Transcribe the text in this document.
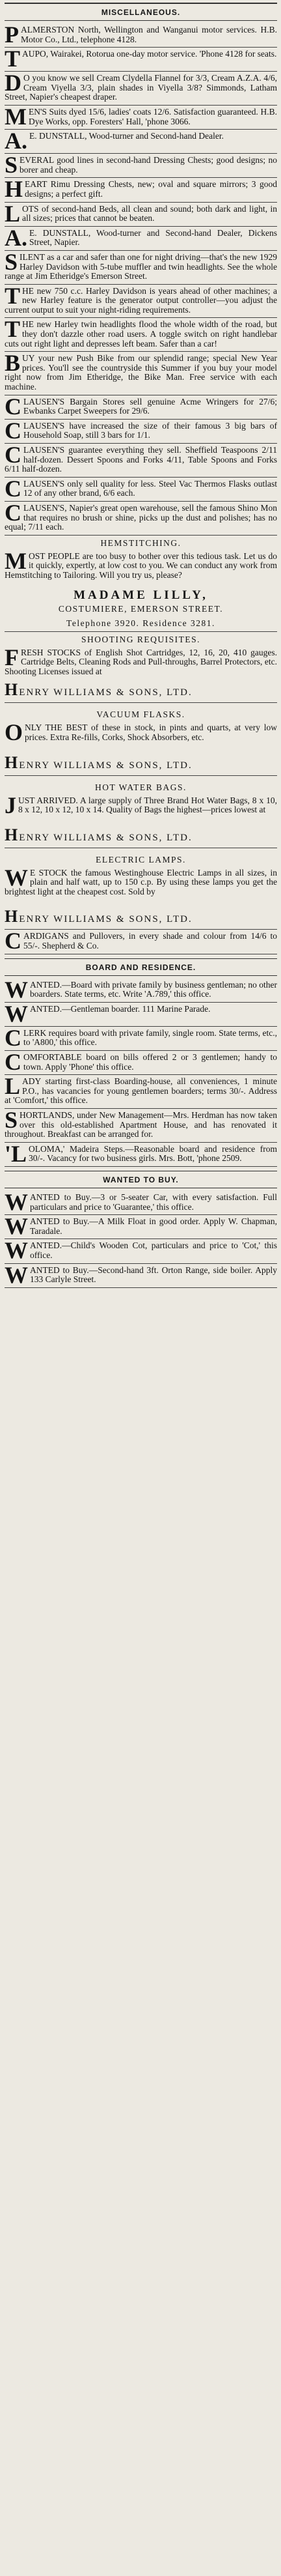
MISCELLANEOUS.
PALMERSTON North, Wellington and Wanganui motor services. H.B. Motor Co., Ltd., telephone 4128.
TAUPO, Wairakei, Rotorua one-day motor service. 'Phone 4128 for seats.
DO you know we sell Cream Clydella Flannel for 3/3, Cream A.Z.A. 4/6, Cream Viyella 3/3, plain shades in Viyella 3/8? Simmonds, Latham Street, Napier's cheapest draper.
MEN'S Suits dyed 15/6, ladies' coats 12/6. Satisfaction guaranteed. H.B. Dye Works, opp. Foresters' Hall, 'phone 3066.
A.E. DUNSTALL, Wood-turner and Second-hand Dealer.
SEVERAL good lines in second-hand Dressing Chests; good designs; no borer and cheap.
HEART Rimu Dressing Chests, new; oval and square mirrors; 3 good designs; a perfect gift.
LOTS of second-hand Beds, all clean and sound; both dark and light, in all sizes; prices that cannot be beaten.
A.E. DUNSTALL, Wood-turner and Second-hand Dealer, Dickens Street, Napier.
SILENT as a car and safer than one for night driving—that's the new 1929 Harley Davidson with 5-tube muffler and twin headlights. See the whole range at Jim Etheridge's Emerson Street.
THE new 750 c.c. Harley Davidson is years ahead of other machines; a new Harley feature is the generator output controller—you adjust the current output to suit your night-riding requirements.
THE new Harley twin headlights flood the whole width of the road, but they don't dazzle other road users. A toggle switch on right handlebar cuts out right light and depresses left beam. Safer than a car!
BUY your new Push Bike from our splendid range; special New Year prices. You'll see the countryside this Summer if you buy your model right now from Jim Etheridge, the Bike Man. Free service with each machine.
CLAUSEN'S Bargain Stores sell genuine Acme Wringers for 27/6; Ewbanks Carpet Sweepers for 29/6.
CLAUSEN'S have increased the size of their famous 3 big bars of Household Soap, still 3 bars for 1/1.
CLAUSEN'S guarantee everything they sell. Sheffield Teaspoons 2/11 half-dozen. Dessert Spoons and Forks 4/11, Table Spoons and Forks 6/11 half-dozen.
CLAUSEN'S only sell quality for less. Steel Vac Thermos Flasks outlast 12 of any other brand, 6/6 each.
CLAUSEN'S, Napier's great open warehouse, sell the famous Shino Mon that requires no brush or shine, picks up the dust and polishes; has no equal; 7/11 each.
HEMSTITCHING.
MOST PEOPLE are too busy to bother over this tedious task. Let us do it quickly, expertly, at low cost to you. We can conduct any work from Hemstitching to Tailoring. Will you try us, please?
MADAME LILLY,
COSTUMIERE, EMERSON STREET.
Telephone 3920. Residence 3281.
SHOOTING REQUISITES.
FRESH STOCKS of English Shot Cartridges, 12, 16, 20, 410 gauges. Cartridge Belts, Cleaning Rods and Pull-throughs, Barrel Protectors, etc. Shooting Licenses issued at
HENRY WILLIAMS & SONS, LTD.
VACUUM FLASKS.
ONLY THE BEST of these in stock, in pints and quarts, at very low prices. Extra Re-fills, Corks, Shock Absorbers, etc.
HENRY WILLIAMS & SONS, LTD.
HOT WATER BAGS.
JUST ARRIVED. A large supply of Three Brand Hot Water Bags, 8 x 10, 8 x 12, 10 x 12, 10 x 14. Quality of Bags the highest—prices lowest at
HENRY WILLIAMS & SONS, LTD.
ELECTRIC LAMPS.
WE STOCK the famous Westinghouse Electric Lamps in all sizes, in plain and half watt, up to 150 c.p. By using these lamps you get the brightest light at the cheapest cost. Sold by
HENRY WILLIAMS & SONS, LTD.
CARDIGANS and Pullovers, in every shade and colour from 14/6 to 55/-. Shepherd & Co.
BOARD AND RESIDENCE.
WANTED.—Board with private family by business gentleman; no other boarders. State terms, etc. Write 'A.789,' this office.
WANTED.—Gentleman boarder. 111 Marine Parade.
CLERK requires board with private family, single room. State terms, etc., to 'A800,' this office.
COMFORTABLE board on bills offered 2 or 3 gentlemen; handy to town. Apply 'Phone' this office.
LADY starting first-class Boarding-house, all conveniences, 1 minute P.O., has vacancies for young gentlemen boarders; terms 30/-. Address at 'Comfort,' this office.
SHORTLANDS, under New Management—Mrs. Herdman has now taken over this old-established Apartment House, and has renovated it throughout. Breakfast can be arranged for.
'LOLOMA,' Madeira Steps.—Reasonable board and residence from 30/-. Vacancy for two business girls. Mrs. Bott, 'phone 2509.
WANTED TO BUY.
WANTED to Buy.—3 or 5-seater Car, with every satisfaction. Full particulars and price to 'Guarantee,' this office.
WANTED to Buy.—A Milk Float in good order. Apply W. Chapman, Taradale.
WANTED.—Child's Wooden Cot, particulars and price to 'Cot,' this office.
WANTED to Buy.—Second-hand 3ft. Orton Range, side boiler. Apply 133 Carlyle Street.
